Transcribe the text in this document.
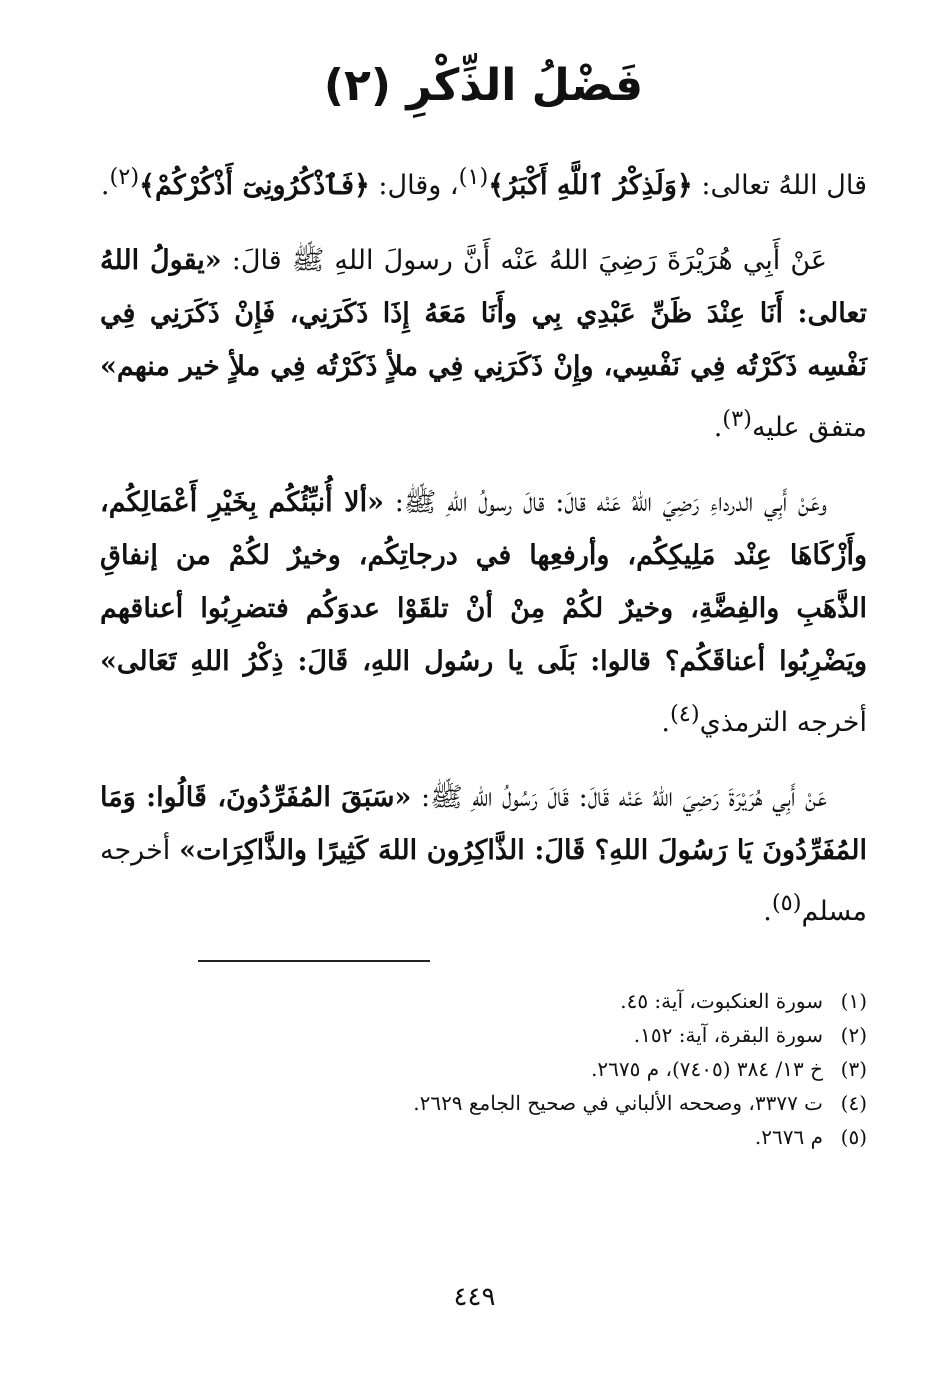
فَضْلُ الذِّكْرِ (٢)

قال اللهُ تعالى: ﴿وَلَذِكْرُ ٱللَّهِ أَكْبَرُ﴾$^{(١)}$، وقال: ﴿فَٱذْكُرُونِىٓ أَذْكُرْكُمْ﴾$^{(٢)}$.

عَنْ أَبِي هُرَيْرَةَ رَضِيَ اللهُ عَنْه أَنَّ رسولَ اللهِ ﷺ قالَ: «يقولُ اللهُ تعالى: أَنَا عِنْدَ ظَنِّ عَبْدِي بِي وأَنَا مَعَهُ إِذَا ذَكَرَنِي، فَإِنْ ذَكَرَنِي فِي نَفْسِه ذَكَرْتُه فِي نَفْسِي، وإِنْ ذَكَرَنِي فِي ملأٍ ذَكَرْتُه فِي ملأٍ خير منهم» متفق عليه$^{(٣)}$.

وعَنْ أَبِي الدرداءِ رَضِيَ اللهُ عَنْه قالَ: قالَ رسولُ اللهِ ﷺ: «ألا أُنبِّئُكُم بِخَيْرِ أَعْمَالِكُم، وأَزْكَاهَا عِنْد مَلِيكِكُم، وأرفعِها في درجاتِكُم، وخيرٌ لكُمْ من إنفاقِ الذَّهَبِ والفِضَّةِ، وخيرٌ لكُمْ مِنْ أنْ تلقَوْا عدوَكُم فتضرِبُوا أعناقهم ويَضْرِبُوا أعناقَكُم؟ قالوا: بَلَى يا رسُول اللهِ، قَالَ: ذِكْرُ اللهِ تَعَالى» أخرجه الترمذي$^{(٤)}$.

عَنْ أَبِي هُرَيْرَةَ رَضِيَ اللهُ عَنْه قَالَ: قَالَ رَسُولُ اللهِ ﷺ: «سَبَقَ المُفَرِّدُونَ، قَالُوا: وَمَا المُفَرِّدُونَ يَا رَسُولَ اللهِ؟ قَالَ: الذَّاكِرُون اللهَ كَثِيرًا والذَّاكِرَات» أخرجه مسلم$^{(٥)}$.

(١)
سورة العنكبوت، آية: ٤٥.
(٢)
سورة البقرة، آية: ١٥٢.
(٣)
خ ١٣/ ٣٨٤ (٧٤٠٥)، م ٢٦٧٥.
(٤)
ت ٣٣٧٧، وصححه الألباني في صحيح الجامع ٢٦٢٩.
(٥)
م ٢٦٧٦.
٤٤٩
